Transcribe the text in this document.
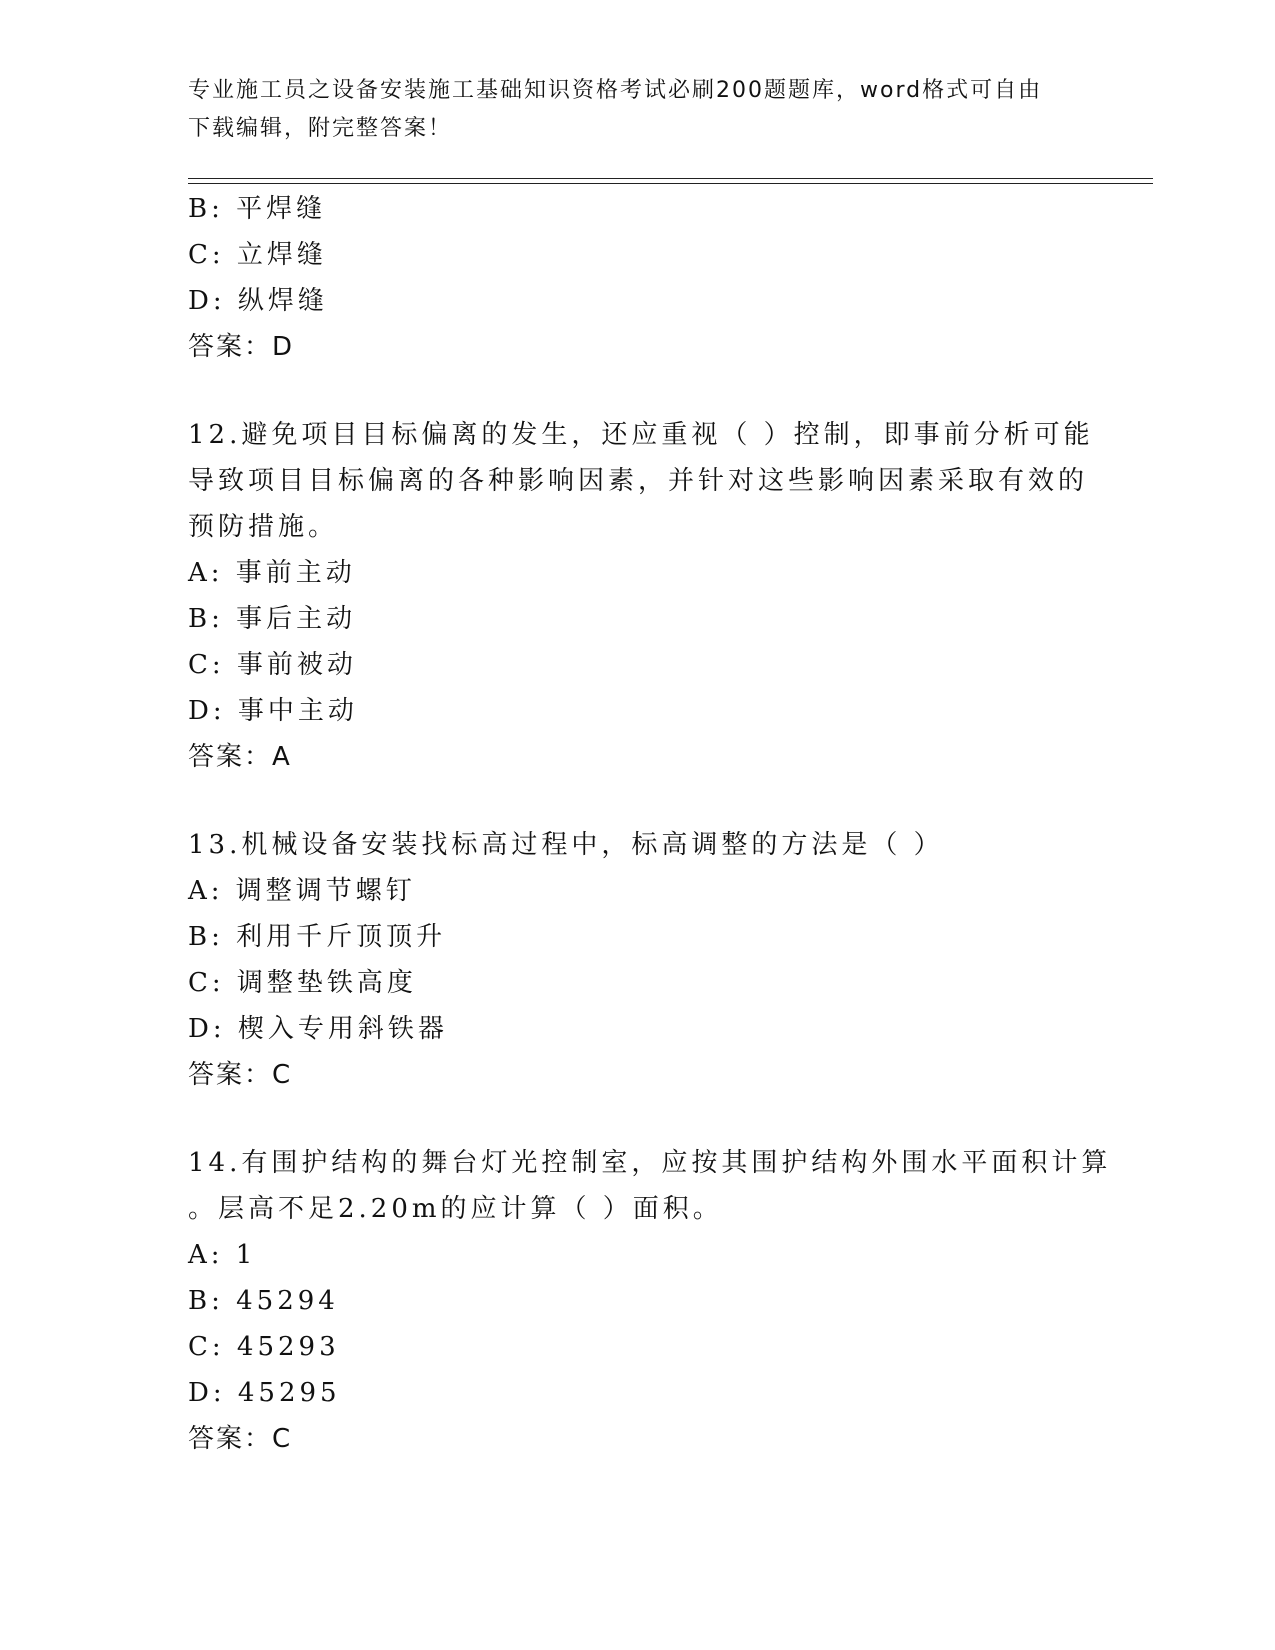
专业施工员之设备安装施工基础知识资格考试必刷200题题库，word格式可自由
下载编辑，附完整答案！
B: 平焊缝
C: 立焊缝
D: 纵焊缝
答案：D
12.避免项目目标偏离的发生，还应重视（ ）控制，即事前分析可能
导致项目目标偏离的各种影响因素，并针对这些影响因素采取有效的
预防措施。
A: 事前主动
B: 事后主动
C: 事前被动
D: 事中主动
答案：A
13.机械设备安装找标高过程中，标高调整的方法是（ ）
A: 调整调节螺钉
B: 利用千斤顶顶升
C: 调整垫铁高度
D: 楔入专用斜铁器
答案：C
14.有围护结构的舞台灯光控制室，应按其围护结构外围水平面积计算
。层高不足2.20m的应计算（ ）面积。
A: 1
B: 45294
C: 45293
D: 45295
答案：C
